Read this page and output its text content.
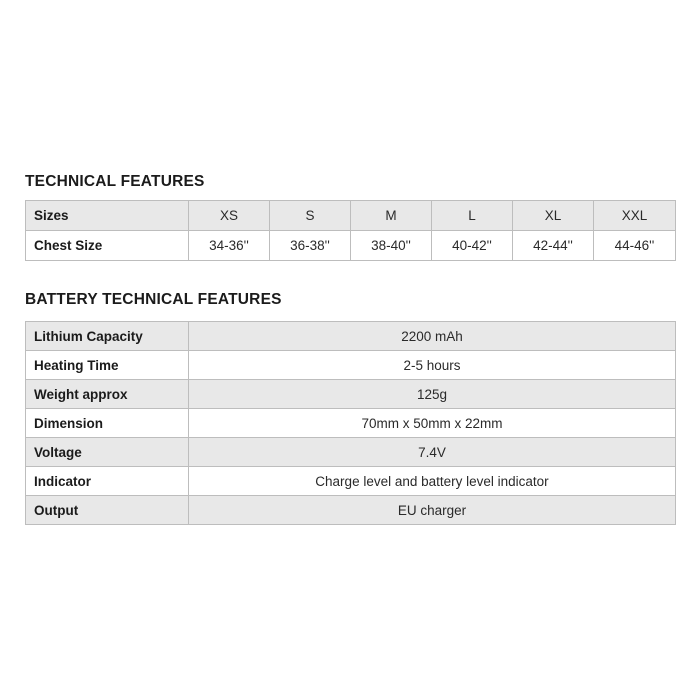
TECHNICAL FEATURES
Sizes	XS	S	M	L	XL	XXL
Chest Size	34-36''	36-38''	38-40''	40-42''	42-44''	44-46''
BATTERY TECHNICAL FEATURES
Lithium Capacity	2200 mAh
Heating Time	2-5 hours
Weight approx	125g
Dimension	70mm x 50mm x 22mm
Voltage	7.4V
Indicator	Charge level and battery level indicator
Output	EU charger
